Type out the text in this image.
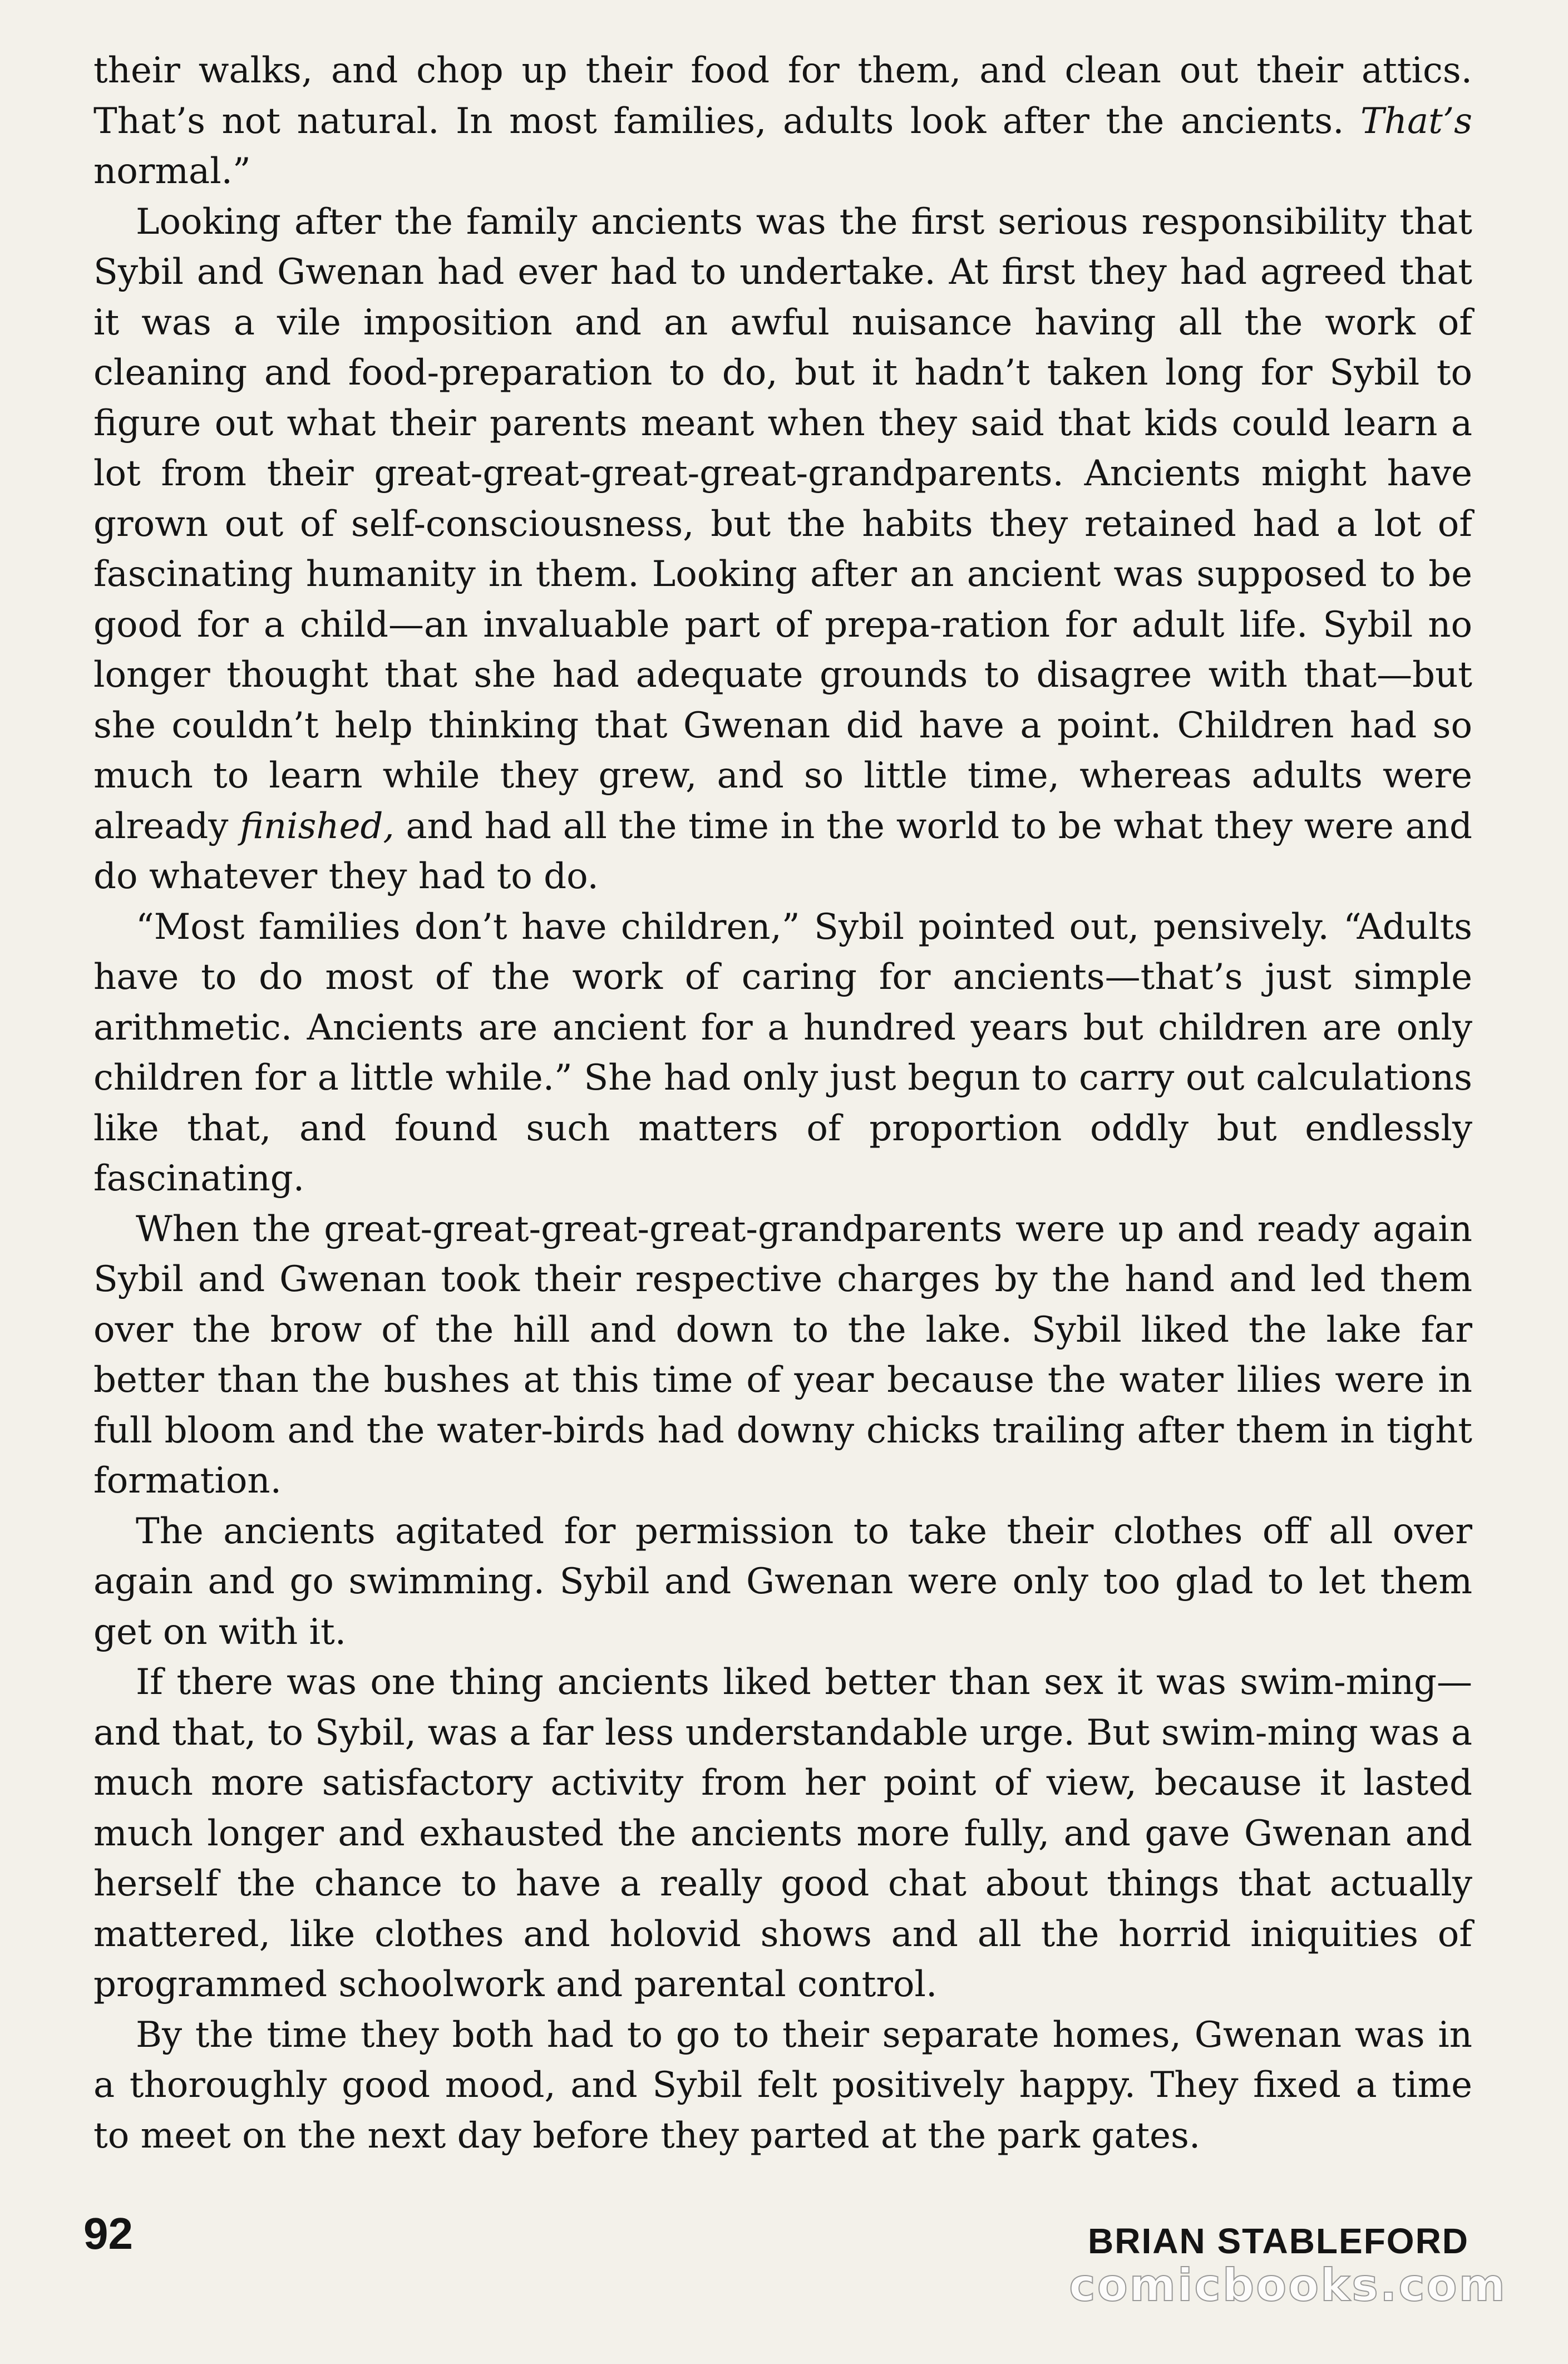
their walks, and chop up their food for them, and clean out their attics. That’s not natural. In most families, adults look after the ancients. That’s normal.”

Looking after the family ancients was the first serious responsibility that Sybil and Gwenan had ever had to undertake. At first they had agreed that it was a vile imposition and an awful nuisance having all the work of cleaning and food-preparation to do, but it hadn’t taken long for Sybil to figure out what their parents meant when they said that kids could learn a lot from their great-great-great-great-grandparents. Ancients might have grown out of self-consciousness, but the habits they retained had a lot of fascinating humanity in them. Looking after an ancient was supposed to be good for a child—an invaluable part of prepa-ration for adult life. Sybil no longer thought that she had adequate grounds to disagree with that—but she couldn’t help thinking that Gwenan did have a point. Children had so much to learn while they grew, and so little time, whereas adults were already finished, and had all the time in the world to be what they were and do whatever they had to do.

“Most families don’t have children,” Sybil pointed out, pensively. “Adults have to do most of the work of caring for ancients—that’s just simple arithmetic. Ancients are ancient for a hundred years but children are only children for a little while.” She had only just begun to carry out calculations like that, and found such matters of proportion oddly but endlessly fascinating.

When the great-great-great-great-grandparents were up and ready again Sybil and Gwenan took their respective charges by the hand and led them over the brow of the hill and down to the lake. Sybil liked the lake far better than the bushes at this time of year because the water lilies were in full bloom and the water-birds had downy chicks trailing after them in tight formation.

The ancients agitated for permission to take their clothes off all over again and go swimming. Sybil and Gwenan were only too glad to let them get on with it.

If there was one thing ancients liked better than sex it was swim-ming—and that, to Sybil, was a far less understandable urge. But swim-ming was a much more satisfactory activity from her point of view, because it lasted much longer and exhausted the ancients more fully, and gave Gwenan and herself the chance to have a really good chat about things that actually mattered, like clothes and holovid shows and all the horrid iniquities of programmed schoolwork and parental control.

By the time they both had to go to their separate homes, Gwenan was in a thoroughly good mood, and Sybil felt positively happy. They fixed a time to meet on the next day before they parted at the park gates.

92	BRIAN STABLEFORD
comicbooks.com
